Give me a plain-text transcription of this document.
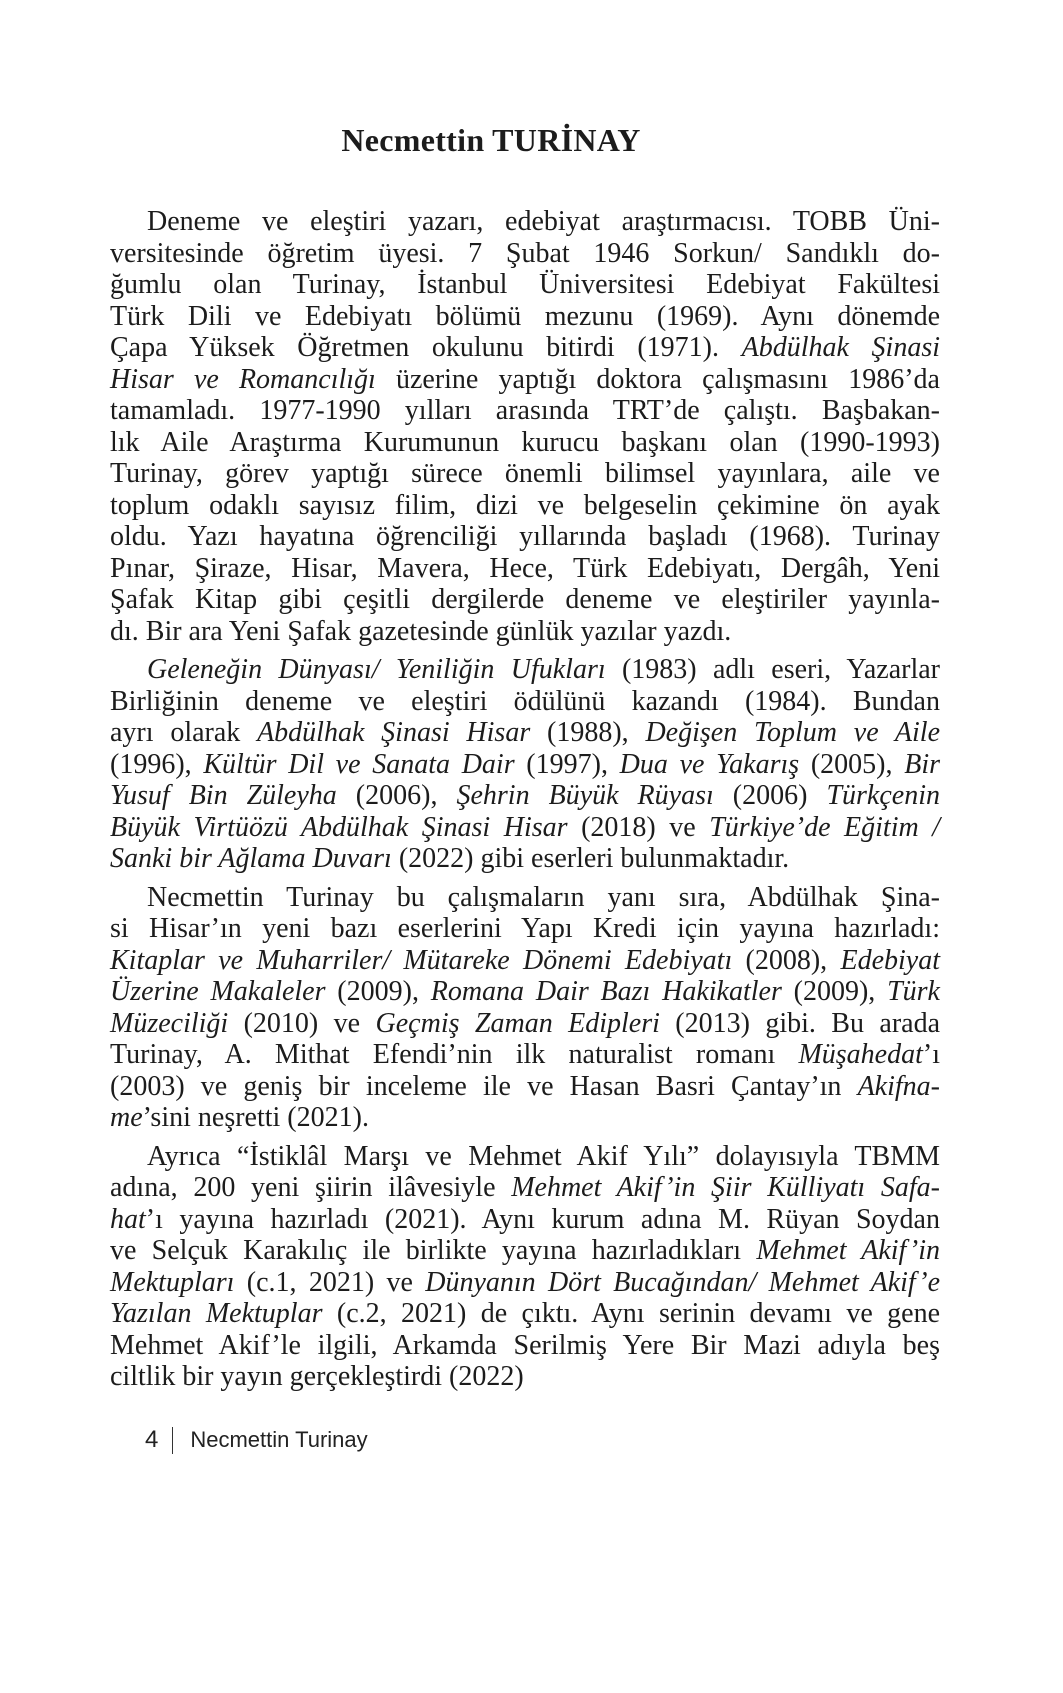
Necmettin TURİNAY
Deneme ve eleştiri yazarı, edebiyat araştırmacısı. TOBB Üni-
versitesinde öğretim üyesi. 7 Şubat 1946 Sorkun/ Sandıklı do-
ğumlu olan Turinay, İstanbul Üniversitesi Edebiyat Fakültesi
Türk Dili ve Edebiyatı bölümü mezunu (1969). Aynı dönemde
Çapa Yüksek Öğretmen okulunu bitirdi (1971). Abdülhak Şinasi
Hisar ve Romancılığı üzerine yaptığı doktora çalışmasını 1986’da
tamamladı. 1977-1990 yılları arasında TRT’de çalıştı. Başbakan-
lık Aile Araştırma Kurumunun kurucu başkanı olan (1990-1993)
Turinay, görev yaptığı sürece önemli bilimsel yayınlara, aile ve
toplum odaklı sayısız filim, dizi ve belgeselin çekimine ön ayak
oldu. Yazı hayatına öğrenciliği yıllarında başladı (1968). Turinay
Pınar, Şiraze, Hisar, Mavera, Hece, Türk Edebiyatı, Dergâh, Yeni
Şafak Kitap gibi çeşitli dergilerde deneme ve eleştiriler yayınla-
dı. Bir ara Yeni Şafak gazetesinde günlük yazılar yazdı.
Geleneğin Dünyası/ Yeniliğin Ufukları (1983) adlı eseri, Yazarlar
Birliğinin deneme ve eleştiri ödülünü kazandı (1984). Bundan
ayrı olarak Abdülhak Şinasi Hisar (1988), Değişen Toplum ve Aile
(1996), Kültür Dil ve Sanata Dair (1997), Dua ve Yakarış (2005), Bir
Yusuf Bin Züleyha (2006), Şehrin Büyük Rüyası (2006) Türkçenin
Büyük Virtüözü Abdülhak Şinasi Hisar (2018) ve Türkiye’de Eğitim /
Sanki bir Ağlama Duvarı (2022) gibi eserleri bulunmaktadır.
Necmettin Turinay bu çalışmaların yanı sıra, Abdülhak Şina-
si Hisar’ın yeni bazı eserlerini Yapı Kredi için yayına hazırladı:
Kitaplar ve Muharriler/ Mütareke Dönemi Edebiyatı (2008), Edebiyat
Üzerine Makaleler (2009), Romana Dair Bazı Hakikatler (2009), Türk
Müzeciliği (2010) ve Geçmiş Zaman Edipleri (2013) gibi. Bu arada
Turinay, A. Mithat Efendi’nin ilk naturalist romanı Müşahedat’ı
(2003) ve geniş bir inceleme ile ve Hasan Basri Çantay’ın Akifna-
me’sini neşretti (2021).
Ayrıca “İstiklâl Marşı ve Mehmet Akif Yılı” dolayısıyla TBMM
adına, 200 yeni şiirin ilâvesiyle Mehmet Akif’in Şiir Külliyatı Safa-
hat’ı yayına hazırladı (2021). Aynı kurum adına M. Rüyan Soydan
ve Selçuk Karakılıç ile birlikte yayına hazırladıkları Mehmet Akif’in
Mektupları (c.1, 2021) ve Dünyanın Dört Bucağından/ Mehmet Akif’e
Yazılan Mektuplar (c.2, 2021) de çıktı. Aynı serinin devamı ve gene
Mehmet Akif’le ilgili, Arkamda Serilmiş Yere Bir Mazi adıyla beş
ciltlik bir yayın gerçekleştirdi (2022)
4 Necmettin Turinay
